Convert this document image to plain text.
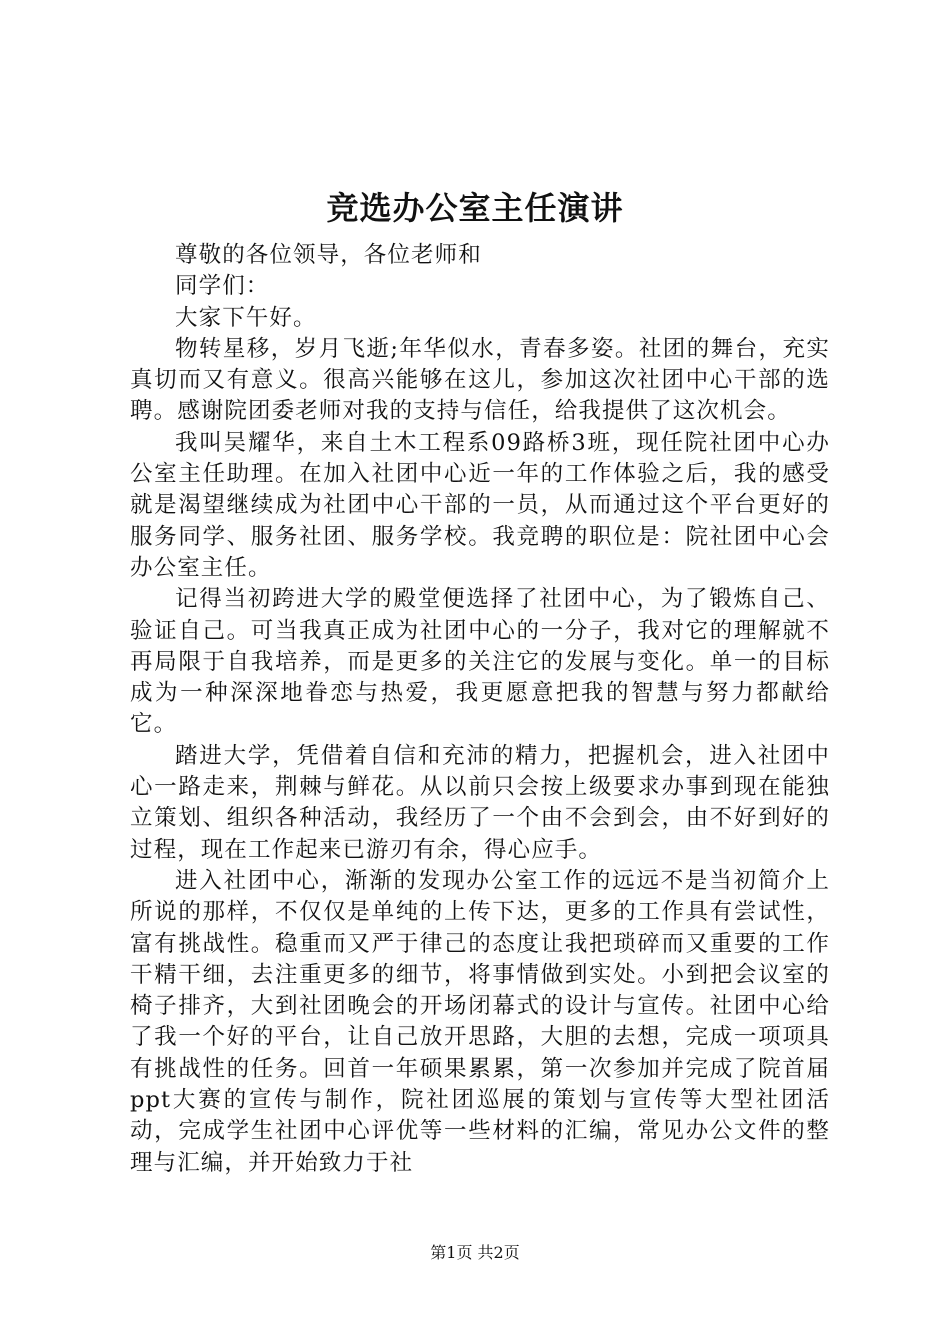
竞选办公室主任演讲

尊敬的各位领导，各位老师和

同学们：

大家下午好。

物转星移，岁月飞逝;年华似水，青春多姿。社团的舞台，充实真切而又有意义。很高兴能够在这儿，参加这次社团中心干部的选聘。感谢院团委老师对我的支持与信任，给我提供了这次机会。

我叫吴耀华，来自土木工程系09路桥3班，现任院社团中心办公室主任助理。在加入社团中心近一年的工作体验之后，我的感受就是渴望继续成为社团中心干部的一员，从而通过这个平台更好的服务同学、服务社团、服务学校。我竞聘的职位是：院社团中心会办公室主任。

记得当初跨进大学的殿堂便选择了社团中心，为了锻炼自己、验证自己。可当我真正成为社团中心的一分子，我对它的理解就不再局限于自我培养，而是更多的关注它的发展与变化。单一的目标成为一种深深地眷恋与热爱，我更愿意把我的智慧与努力都献给它。

踏进大学，凭借着自信和充沛的精力，把握机会，进入社团中心一路走来，荆棘与鲜花。从以前只会按上级要求办事到现在能独立策划、组织各种活动，我经历了一个由不会到会，由不好到好的过程，现在工作起来已游刃有余，得心应手。

进入社团中心，渐渐的发现办公室工作的远远不是当初简介上所说的那样，不仅仅是单纯的上传下达，更多的工作具有尝试性，富有挑战性。稳重而又严于律己的态度让我把琐碎而又重要的工作干精干细，去注重更多的细节，将事情做到实处。小到把会议室的椅子排齐，大到社团晚会的开场闭幕式的设计与宣传。社团中心给了我一个好的平台，让自己放开思路，大胆的去想，完成一项项具有挑战性的任务。回首一年硕果累累，第一次参加并完成了院首届ppt大赛的宣传与制作，院社团巡展的策划与宣传等大型社团活动，完成学生社团中心评优等一些材料的汇编，常见办公文件的整理与汇编，并开始致力于社

第1页 共2页
